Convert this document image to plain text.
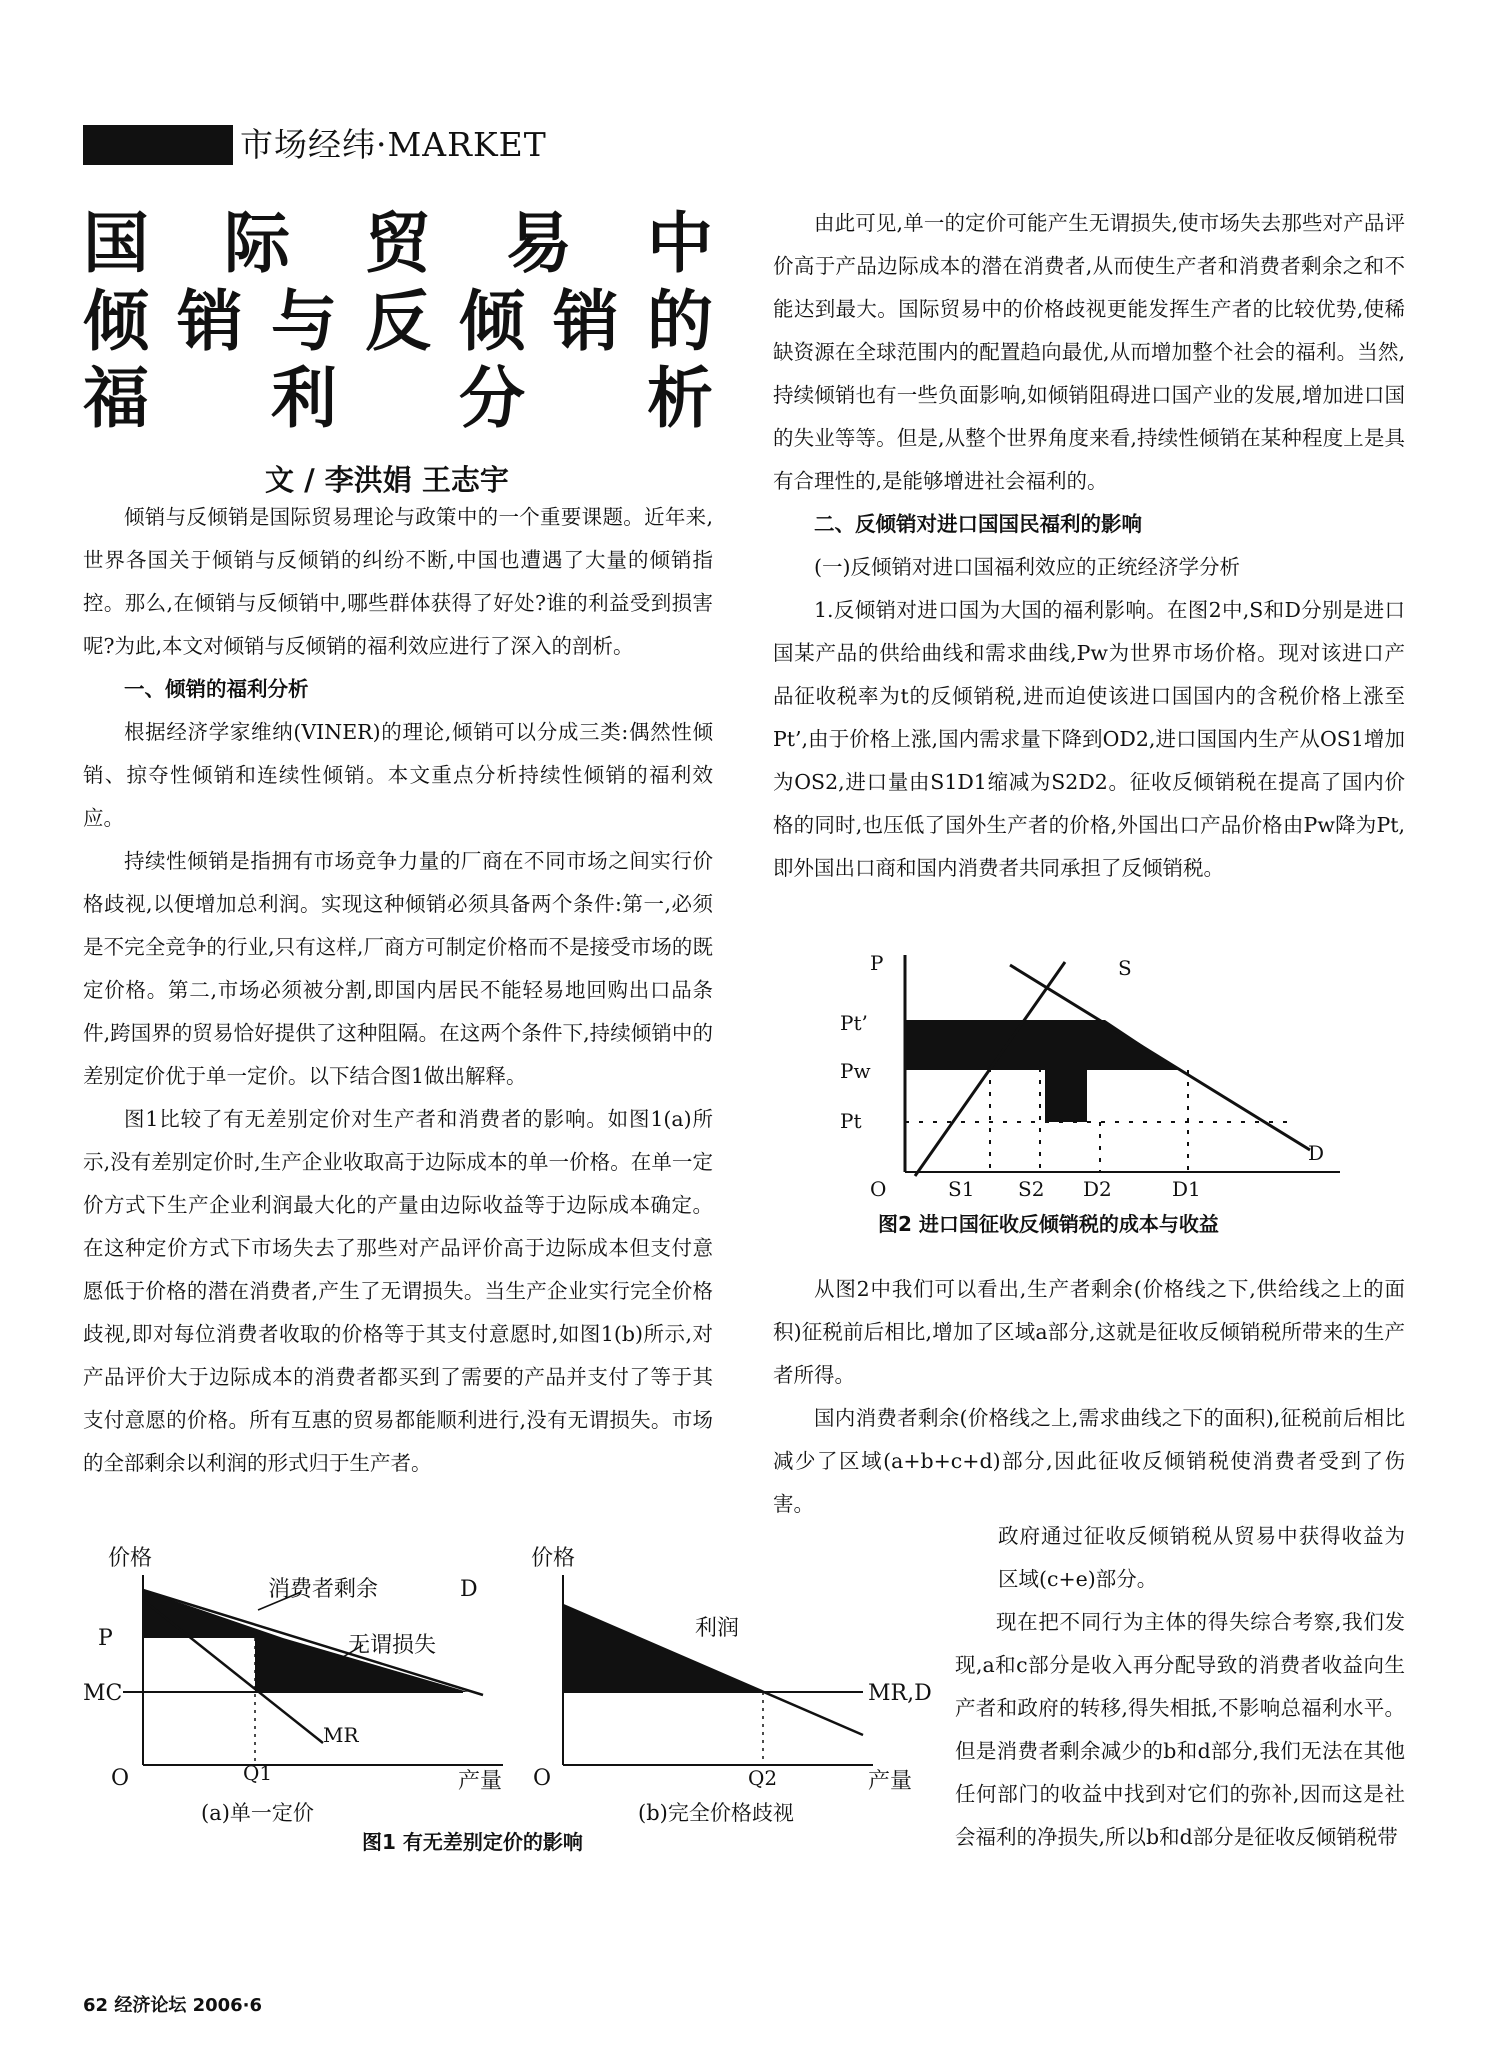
市场经纬·MARKET
国 际 贸 易 中
倾 销 与 反 倾 销 的
福 利 分 析
文 / 李洪娟 王志宇

倾销与反倾销是国际贸易理论与政策中的一个重要课题。近年来,世界各国关于倾销与反倾销的纠纷不断,中国也遭遇了大量的倾销指控。那么,在倾销与反倾销中,哪些群体获得了好处?谁的利益受到损害呢?为此,本文对倾销与反倾销的福利效应进行了深入的剖析。

一、倾销的福利分析

根据经济学家维纳(VINER)的理论,倾销可以分成三类:偶然性倾销、掠夺性倾销和连续性倾销。本文重点分析持续性倾销的福利效应。

持续性倾销是指拥有市场竞争力量的厂商在不同市场之间实行价格歧视,以便增加总利润。实现这种倾销必须具备两个条件:第一,必须是不完全竞争的行业,只有这样,厂商方可制定价格而不是接受市场的既定价格。第二,市场必须被分割,即国内居民不能轻易地回购出口品条件,跨国界的贸易恰好提供了这种阻隔。在这两个条件下,持续倾销中的差别定价优于单一定价。以下结合图1做出解释。

图1比较了有无差别定价对生产者和消费者的影响。如图1(a)所示,没有差别定价时,生产企业收取高于边际成本的单一价格。在单一定价方式下生产企业利润最大化的产量由边际收益等于边际成本确定。在这种定价方式下市场失去了那些对产品评价高于边际成本但支付意愿低于价格的潜在消费者,产生了无谓损失。当生产企业实行完全价格歧视,即对每位消费者收取的价格等于其支付意愿时,如图1(b)所示,对产品评价大于边际成本的消费者都买到了需要的产品并支付了等于其支付意愿的价格。所有互惠的贸易都能顺利进行,没有无谓损失。市场的全部剩余以利润的形式归于生产者。

由此可见,单一的定价可能产生无谓损失,使市场失去那些对产品评价高于产品边际成本的潜在消费者,从而使生产者和消费者剩余之和不能达到最大。国际贸易中的价格歧视更能发挥生产者的比较优势,使稀缺资源在全球范围内的配置趋向最优,从而增加整个社会的福利。当然,持续倾销也有一些负面影响,如倾销阻碍进口国产业的发展,增加进口国的失业等等。但是,从整个世界角度来看,持续性倾销在某种程度上是具有合理性的,是能够增进社会福利的。

二、反倾销对进口国国民福利的影响

(一)反倾销对进口国福利效应的正统经济学分析

1.反倾销对进口国为大国的福利影响。在图2中,S和D分别是进口国某产品的供给曲线和需求曲线,Pw为世界市场价格。现对该进口产品征收税率为t的反倾销税,进而迫使该进口国国内的含税价格上涨至Pt’,由于价格上涨,国内需求量下降到OD2,进口国国内生产从OS1增加为OS2,进口量由S1D1缩减为S2D2。征收反倾销税在提高了国内价格的同时,也压低了国外生产者的价格,外国出口产品价格由Pw降为Pt,即外国出口商和国内消费者共同承担了反倾销税。

P	S
D
Pt’
Pw
Pt
O	S1 S2 D2	D1
图2 进口国征收反倾销税的成本与收益

从图2中我们可以看出,生产者剩余(价格线之下,供给线之上的面积)征税前后相比,增加了区域a部分,这就是征收反倾销税所带来的生产者所得。

国内消费者剩余(价格线之上,需求曲线之下的面积),征税前后相比减少了区域(a+b+c+d)部分,因此征收反倾销税使消费者受到了伤害。

政府通过征收反倾销税从贸易中获得收益为区域(c+e)部分。

现在把不同行为主体的得失综合考察,我们发现,a和c部分是收入再分配导致的消费者收益向生产者和政府的转移,得失相抵,不影响总福利水平。但是消费者剩余减少的b和d部分,我们无法在其他任何部门的收益中找到对它们的弥补,因而这是社会福利的净损失,所以b和d部分是征收反倾销税带

价格
消费者剩余	D
P	无谓损失
MC
MR
O	Q1	产量
(a)单一定价
价格
利润
MR,D
O	Q2	产量
(b)完全价格歧视
图1 有无差别定价的影响
62 经济论坛 2006·6
